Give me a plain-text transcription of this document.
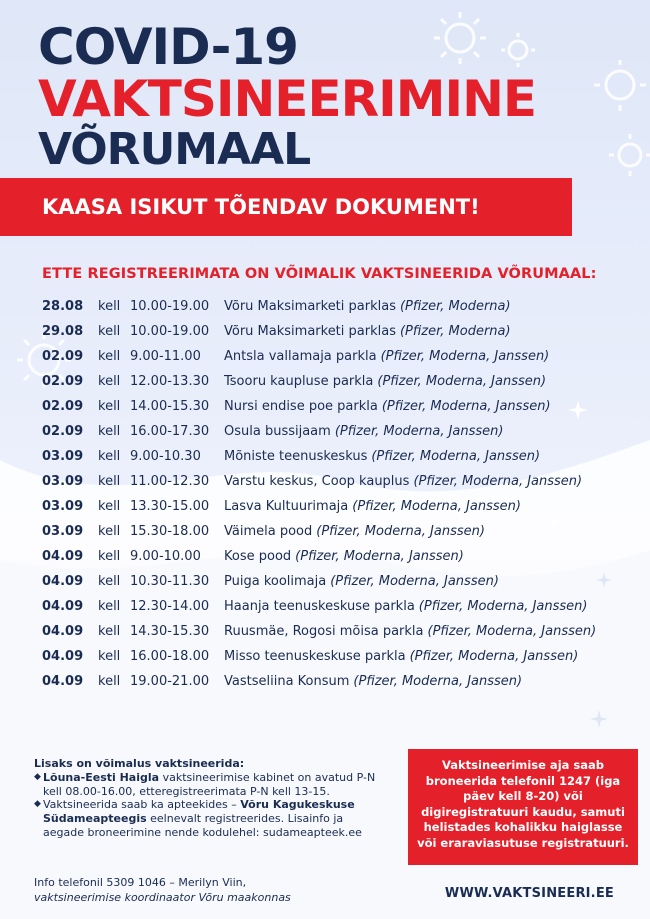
COVID-19
VAKTSINEERIMINE
VÕRUMAAL
KAASA ISIKUT TÕENDAV DOKUMENT!
ETTE REGISTREERIMATA ON VÕIMALIK VAKTSINEERIDA VÕRUMAAL:
28.08	kell 10.00-19.00	Võru Maksimarketi parklas (Pfizer, Moderna)
29.08	kell 10.00-19.00	Võru Maksimarketi parklas (Pfizer, Moderna)
02.09	kell 9.00-11.00	Antsla vallamaja parkla (Pfizer, Moderna, Janssen)
02.09	kell 12.00-13.30	Tsooru kaupluse parkla (Pfizer, Moderna, Janssen)
02.09	kell 14.00-15.30	Nursi endise poe parkla (Pfizer, Moderna, Janssen)
02.09	kell 16.00-17.30	Osula bussijaam (Pfizer, Moderna, Janssen)
03.09	kell 9.00-10.30	Mõniste teenuskeskus (Pfizer, Moderna, Janssen)
03.09	kell 11.00-12.30	Varstu keskus, Coop kauplus (Pfizer, Moderna, Janssen)
03.09	kell 13.30-15.00	Lasva Kultuurimaja (Pfizer, Moderna, Janssen)
03.09	kell 15.30-18.00	Väimela pood (Pfizer, Moderna, Janssen)
04.09	kell 9.00-10.00	Kose pood (Pfizer, Moderna, Janssen)
04.09	kell 10.30-11.30	Puiga koolimaja (Pfizer, Moderna, Janssen)
04.09	kell 12.30-14.00	Haanja teenuskeskuse parkla (Pfizer, Moderna, Janssen)
04.09	kell 14.30-15.30	Ruusmäe, Rogosi mõisa parkla (Pfizer, Moderna, Janssen)
04.09	kell 16.00-18.00	Misso teenuskeskuse parkla (Pfizer, Moderna, Janssen)
04.09	kell 19.00-21.00	Vastseliina Konsum (Pfizer, Moderna, Janssen)
Lisaks on võimalus vaktsineerida:
◆ Lõuna-Eesti Haigla vaktsineerimise kabinet on avatud P-N kell 08.00-16.00, etteregistreerimata P-N kell 13-15.
◆ Vaktsineerida saab ka apteekides – Võru Kagukeskuse Südameapteegis eelnevalt registreerides. Lisainfo ja aegade broneerimine nende kodulehel: sudameapteek.ee
Vaktsineerimise aja saab broneerida telefonil 1247 (iga päev kell 8-20) või digiregistratuuri kaudu, samuti helistades kohalikku haiglasse või eraraviasutuse registratuuri.
Info telefonil 5309 1046 – Merilyn Viin,
vaktsineerimise koordinaator Võru maakonnas	WWW.VAKTSINEERI.EE
